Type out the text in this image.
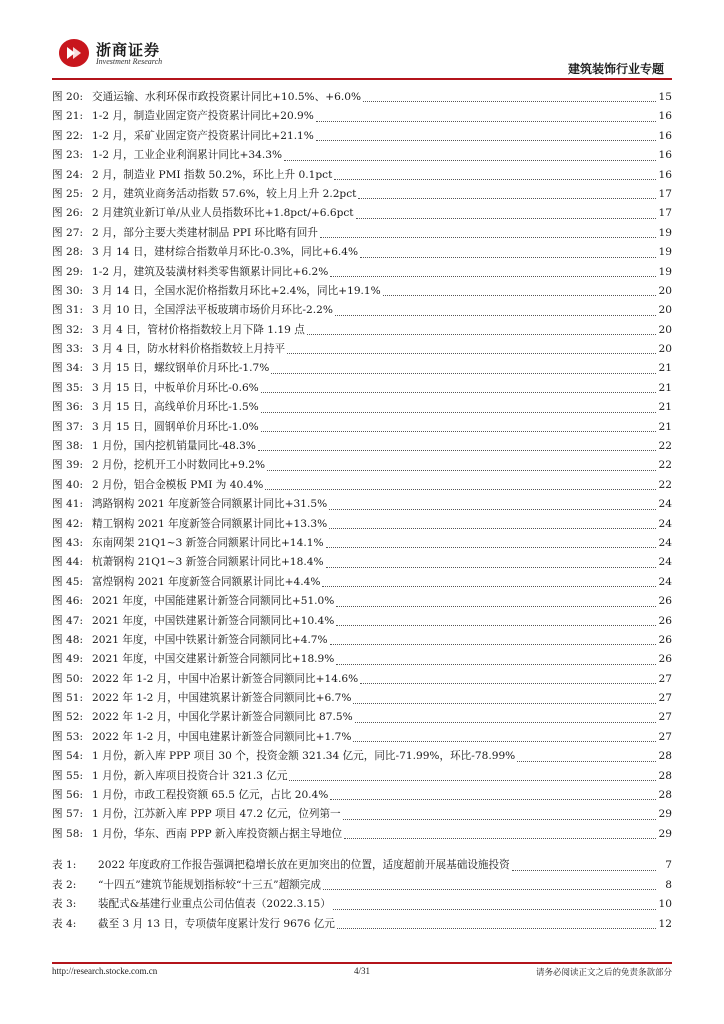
浙商证券
Investment Research
建筑装饰行业专题
图 20: 交通运输、水利环保市政投资累计同比+10.5%、+6.0%	15
图 21: 1-2 月，制造业固定资产投资累计同比+20.9%	16
图 22: 1-2 月，采矿业固定资产投资累计同比+21.1%	16
图 23: 1-2 月，工业企业利润累计同比+34.3%	16
图 24: 2 月，制造业 PMI 指数 50.2%，环比上升 0.1pct	16
图 25: 2 月，建筑业商务活动指数 57.6%，较上月上升 2.2pct	17
图 26: 2 月建筑业新订单/从业人员指数环比+1.8pct/+6.6pct	17
图 27: 2 月，部分主要大类建材制品 PPI 环比略有回升	19
图 28: 3 月 14 日，建材综合指数单月环比-0.3%，同比+6.4%	19
图 29: 1-2 月，建筑及装潢材料类零售额累计同比+6.2%	19
图 30: 3 月 14 日，全国水泥价格指数月环比+2.4%，同比+19.1%	20
图 31: 3 月 10 日，全国浮法平板玻璃市场价月环比-2.2%	20
图 32: 3 月 4 日，管材价格指数较上月下降 1.19 点	20
图 33: 3 月 4 日，防水材料价格指数较上月持平	20
图 34: 3 月 15 日，螺纹钢单价月环比-1.7%	21
图 35: 3 月 15 日，中板单价月环比-0.6%	21
图 36: 3 月 15 日，高线单价月环比-1.5%	21
图 37: 3 月 15 日，圆钢单价月环比-1.0%	21
图 38: 1 月份，国内挖机销量同比-48.3%	22
图 39: 2 月份，挖机开工小时数同比+9.2%	22
图 40: 2 月份，铝合金模板 PMI 为 40.4%	22
图 41: 鸿路钢构 2021 年度新签合同额累计同比+31.5%	24
图 42: 精工钢构 2021 年度新签合同额累计同比+13.3%	24
图 43: 东南网架 21Q1~3 新签合同额累计同比+14.1%	24
图 44: 杭萧钢构 21Q1~3 新签合同额累计同比+18.4%	24
图 45: 富煌钢构 2021 年度新签合同额累计同比+4.4%	24
图 46: 2021 年度，中国能建累计新签合同额同比+51.0%	26
图 47: 2021 年度，中国铁建累计新签合同额同比+10.4%	26
图 48: 2021 年度，中国中铁累计新签合同额同比+4.7%	26
图 49: 2021 年度，中国交建累计新签合同额同比+18.9%	26
图 50: 2022 年 1-2 月，中国中冶累计新签合同额同比+14.6%	27
图 51: 2022 年 1-2 月，中国建筑累计新签合同额同比+6.7%	27
图 52: 2022 年 1-2 月，中国化学累计新签合同额同比 87.5%	27
图 53: 2022 年 1-2 月，中国电建累计新签合同额同比+1.7%	27
图 54: 1 月份，新入库 PPP 项目 30 个，投资金额 321.34 亿元，同比-71.99%，环比-78.99%	28
图 55: 1 月份，新入库项目投资合计 321.3 亿元	28
图 56: 1 月份，市政工程投资额 65.5 亿元，占比 20.4%	28
图 57: 1 月份，江苏新入库 PPP 项目 47.2 亿元，位列第一	29
图 58: 1 月份，华东、西南 PPP 新入库投资额占据主导地位	29
表 1:	2022 年度政府工作报告强调把稳增长放在更加突出的位置，适度超前开展基础设施投资	7
表 2:	“十四五”建筑节能规划指标较“十三五”超额完成	8
表 3:	装配式&基建行业重点公司估值表（2022.3.15）	10
表 4:	截至 3 月 13 日，专项债年度累计发行 9676 亿元	12
http://research.stocke.com.cn	4/31	请务必阅读正文之后的免责条款部分
